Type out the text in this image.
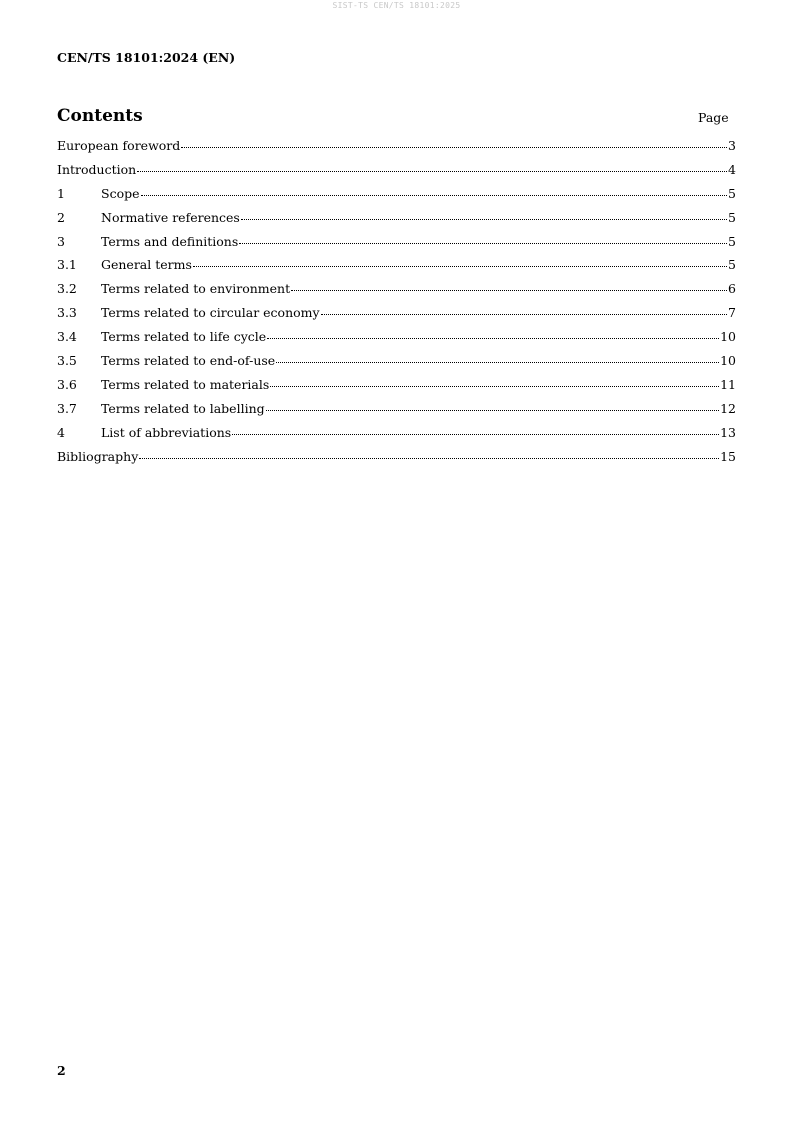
SIST-TS CEN/TS 18101:2025
CEN/TS 18101:2024 (EN)
Contents	Page
European foreword	3
Introduction	4
1	Scope	5
2	Normative references	5
3	Terms and definitions	5
3.1	General terms	5
3.2	Terms related to environment	6
3.3	Terms related to circular economy	7
3.4	Terms related to life cycle	10
3.5	Terms related to end-of-use	10
3.6	Terms related to materials	11
3.7	Terms related to labelling	12
4	List of abbreviations	13
Bibliography	15
2
